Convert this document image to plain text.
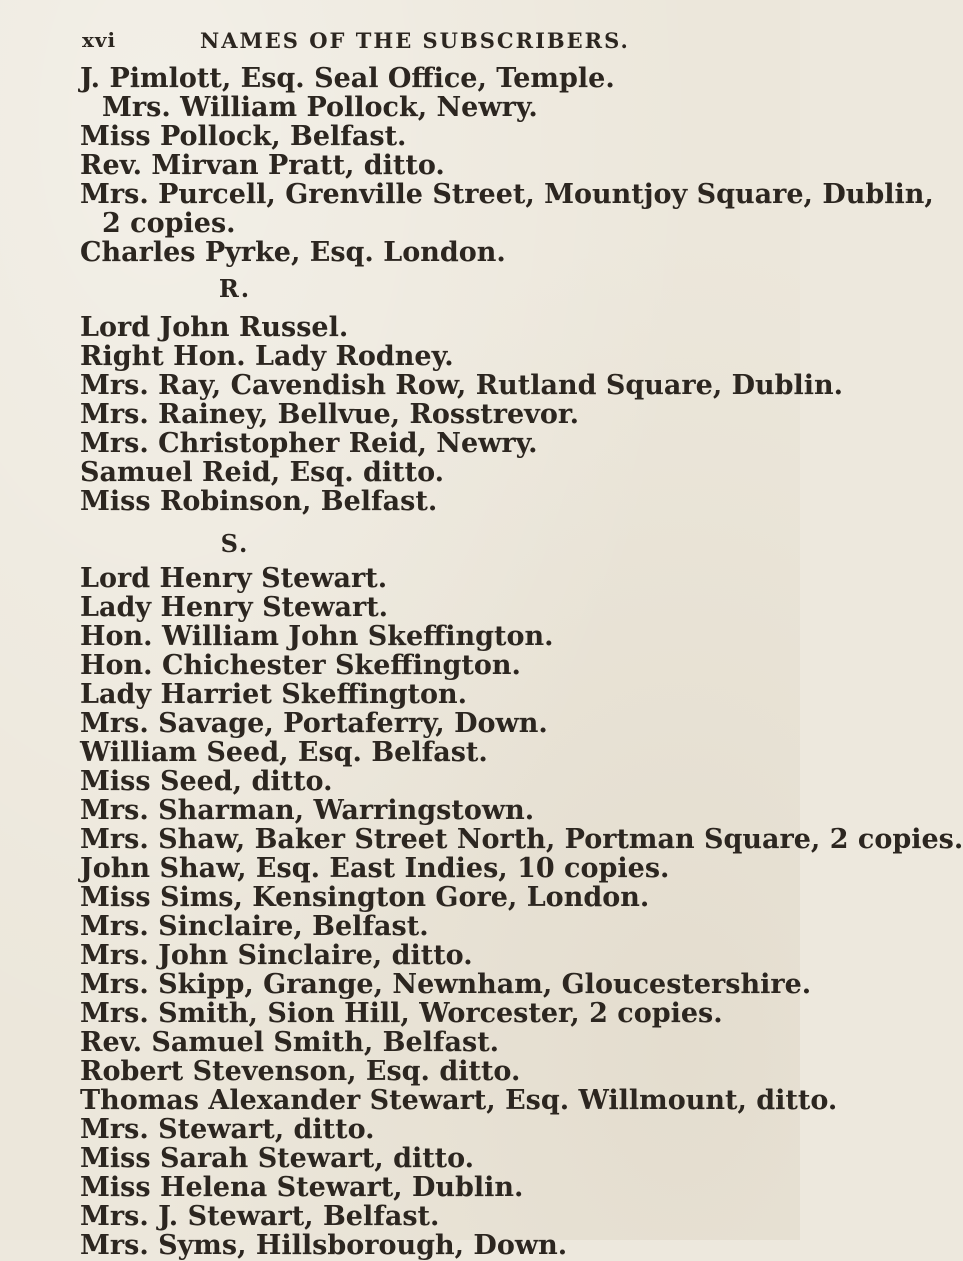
xvi	NAMES OF THE SUBSCRIBERS.
J. Pimlott, Esq. Seal Office, Temple.
Mrs. William Pollock, Newry.
Miss Pollock, Belfast.
Rev. Mirvan Pratt, ditto.
Mrs. Purcell, Grenville Street, Mountjoy Square, Dublin,
2 copies.
Charles Pyrke, Esq. London.
R.
Lord John Russel.
Right Hon. Lady Rodney.
Mrs. Ray, Cavendish Row, Rutland Square, Dublin.
Mrs. Rainey, Bellvue, Rosstrevor.
Mrs. Christopher Reid, Newry.
Samuel Reid, Esq. ditto.
Miss Robinson, Belfast.
S.
Lord Henry Stewart.
Lady Henry Stewart.
Hon. William John Skeffington.
Hon. Chichester Skeffington.
Lady Harriet Skeffington.
Mrs. Savage, Portaferry, Down.
William Seed, Esq. Belfast.
Miss Seed, ditto.
Mrs. Sharman, Warringstown.
Mrs. Shaw, Baker Street North, Portman Square, 2 copies.
John Shaw, Esq. East Indies, 10 copies.
Miss Sims, Kensington Gore, London.
Mrs. Sinclaire, Belfast.
Mrs. John Sinclaire, ditto.
Mrs. Skipp, Grange, Newnham, Gloucestershire.
Mrs. Smith, Sion Hill, Worcester, 2 copies.
Rev. Samuel Smith, Belfast.
Robert Stevenson, Esq. ditto.
Thomas Alexander Stewart, Esq. Willmount, ditto.
Mrs. Stewart, ditto.
Miss Sarah Stewart, ditto.
Miss Helena Stewart, Dublin.
Mrs. J. Stewart, Belfast.
Mrs. Syms, Hillsborough, Down.
